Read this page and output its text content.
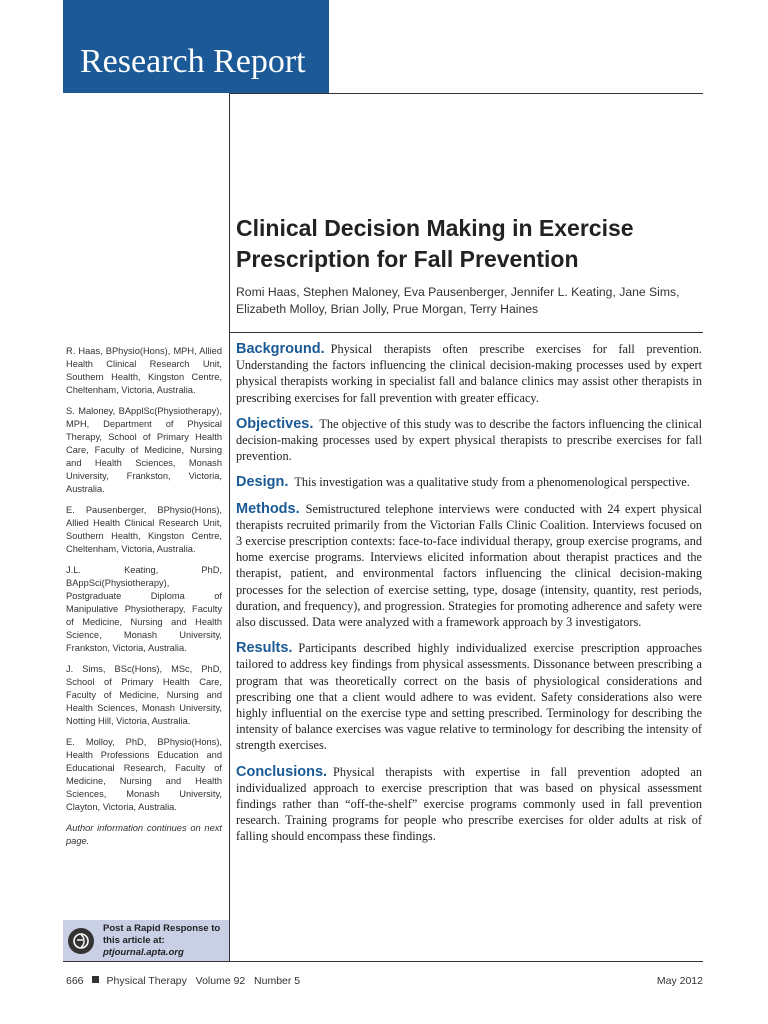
Research Report
Clinical Decision Making in Exercise Prescription for Fall Prevention
Romi Haas, Stephen Maloney, Eva Pausenberger, Jennifer L. Keating, Jane Sims, Elizabeth Molloy, Brian Jolly, Prue Morgan, Terry Haines

R. Haas, BPhysio(Hons), MPH, Allied Health Clinical Research Unit, Southern Health, Kingston Centre, Cheltenham, Victoria, Australia.

S. Maloney, BApplSc(Physiotherapy), MPH, Department of Physical Therapy, School of Primary Health Care, Faculty of Medicine, Nursing and Health Sciences, Monash University, Frankston, Victoria, Australia.

E. Pausenberger, BPhysio(Hons), Allied Health Clinical Research Unit, Southern Health, Kingston Centre, Cheltenham, Victoria, Australia.

J.L. Keating, PhD, BAppSci(Physiotherapy), Postgraduate Diploma of Manipulative Physiotherapy, Faculty of Medicine, Nursing and Health Science, Monash University, Frankston, Victoria, Australia.

J. Sims, BSc(Hons), MSc, PhD, School of Primary Health Care, Faculty of Medicine, Nursing and Health Sciences, Monash University, Notting Hill, Victoria, Australia.

E. Molloy, PhD, BPhysio(Hons), Health Professions Education and Educational Research, Faculty of Medicine, Nursing and Health Sciences, Monash University, Clayton, Victoria, Australia.

Author information continues on next page.

Post a Rapid Response to
this article at:
ptjournal.apta.org

Background. Physical therapists often prescribe exercises for fall prevention. Understanding the factors influencing the clinical decision-making processes used by expert physical therapists working in specialist fall and balance clinics may assist other therapists in prescribing exercises for fall prevention with greater efficacy.

Objectives. The objective of this study was to describe the factors influencing the clinical decision-making processes used by expert physical therapists to prescribe exercises for fall prevention.

Design. This investigation was a qualitative study from a phenomenological perspective.

Methods. Semistructured telephone interviews were conducted with 24 expert physical therapists recruited primarily from the Victorian Falls Clinic Coalition. Interviews focused on 3 exercise prescription contexts: face-to-face individual therapy, group exercise programs, and home exercise programs. Interviews elicited information about therapist practices and the therapist, patient, and environmental factors influencing the clinical decision-making processes for the selection of exercise setting, type, dosage (intensity, quantity, rest periods, duration, and frequency), and progression. Strategies for promoting adherence and safety were also discussed. Data were analyzed with a framework approach by 3 investigators.

Results. Participants described highly individualized exercise prescription approaches tailored to address key findings from physical assessments. Dissonance between prescribing a program that was theoretically correct on the basis of physiological considerations and prescribing one that a client would adhere to was evident. Safety considerations also were highly influential on the exercise type and setting prescribed. Terminology for describing the intensity of balance exercises was vague relative to terminology for describing the intensity of strength exercises.

Conclusions. Physical therapists with expertise in fall prevention adopted an individualized approach to exercise prescription that was based on physical assessment findings rather than “off-the-shelf” exercise programs commonly used in fall prevention research. Training programs for people who prescribe exercises for older adults at risk of falling should encompass these findings.

666 Physical Therapy Volume 92 Number 5	May 2012
